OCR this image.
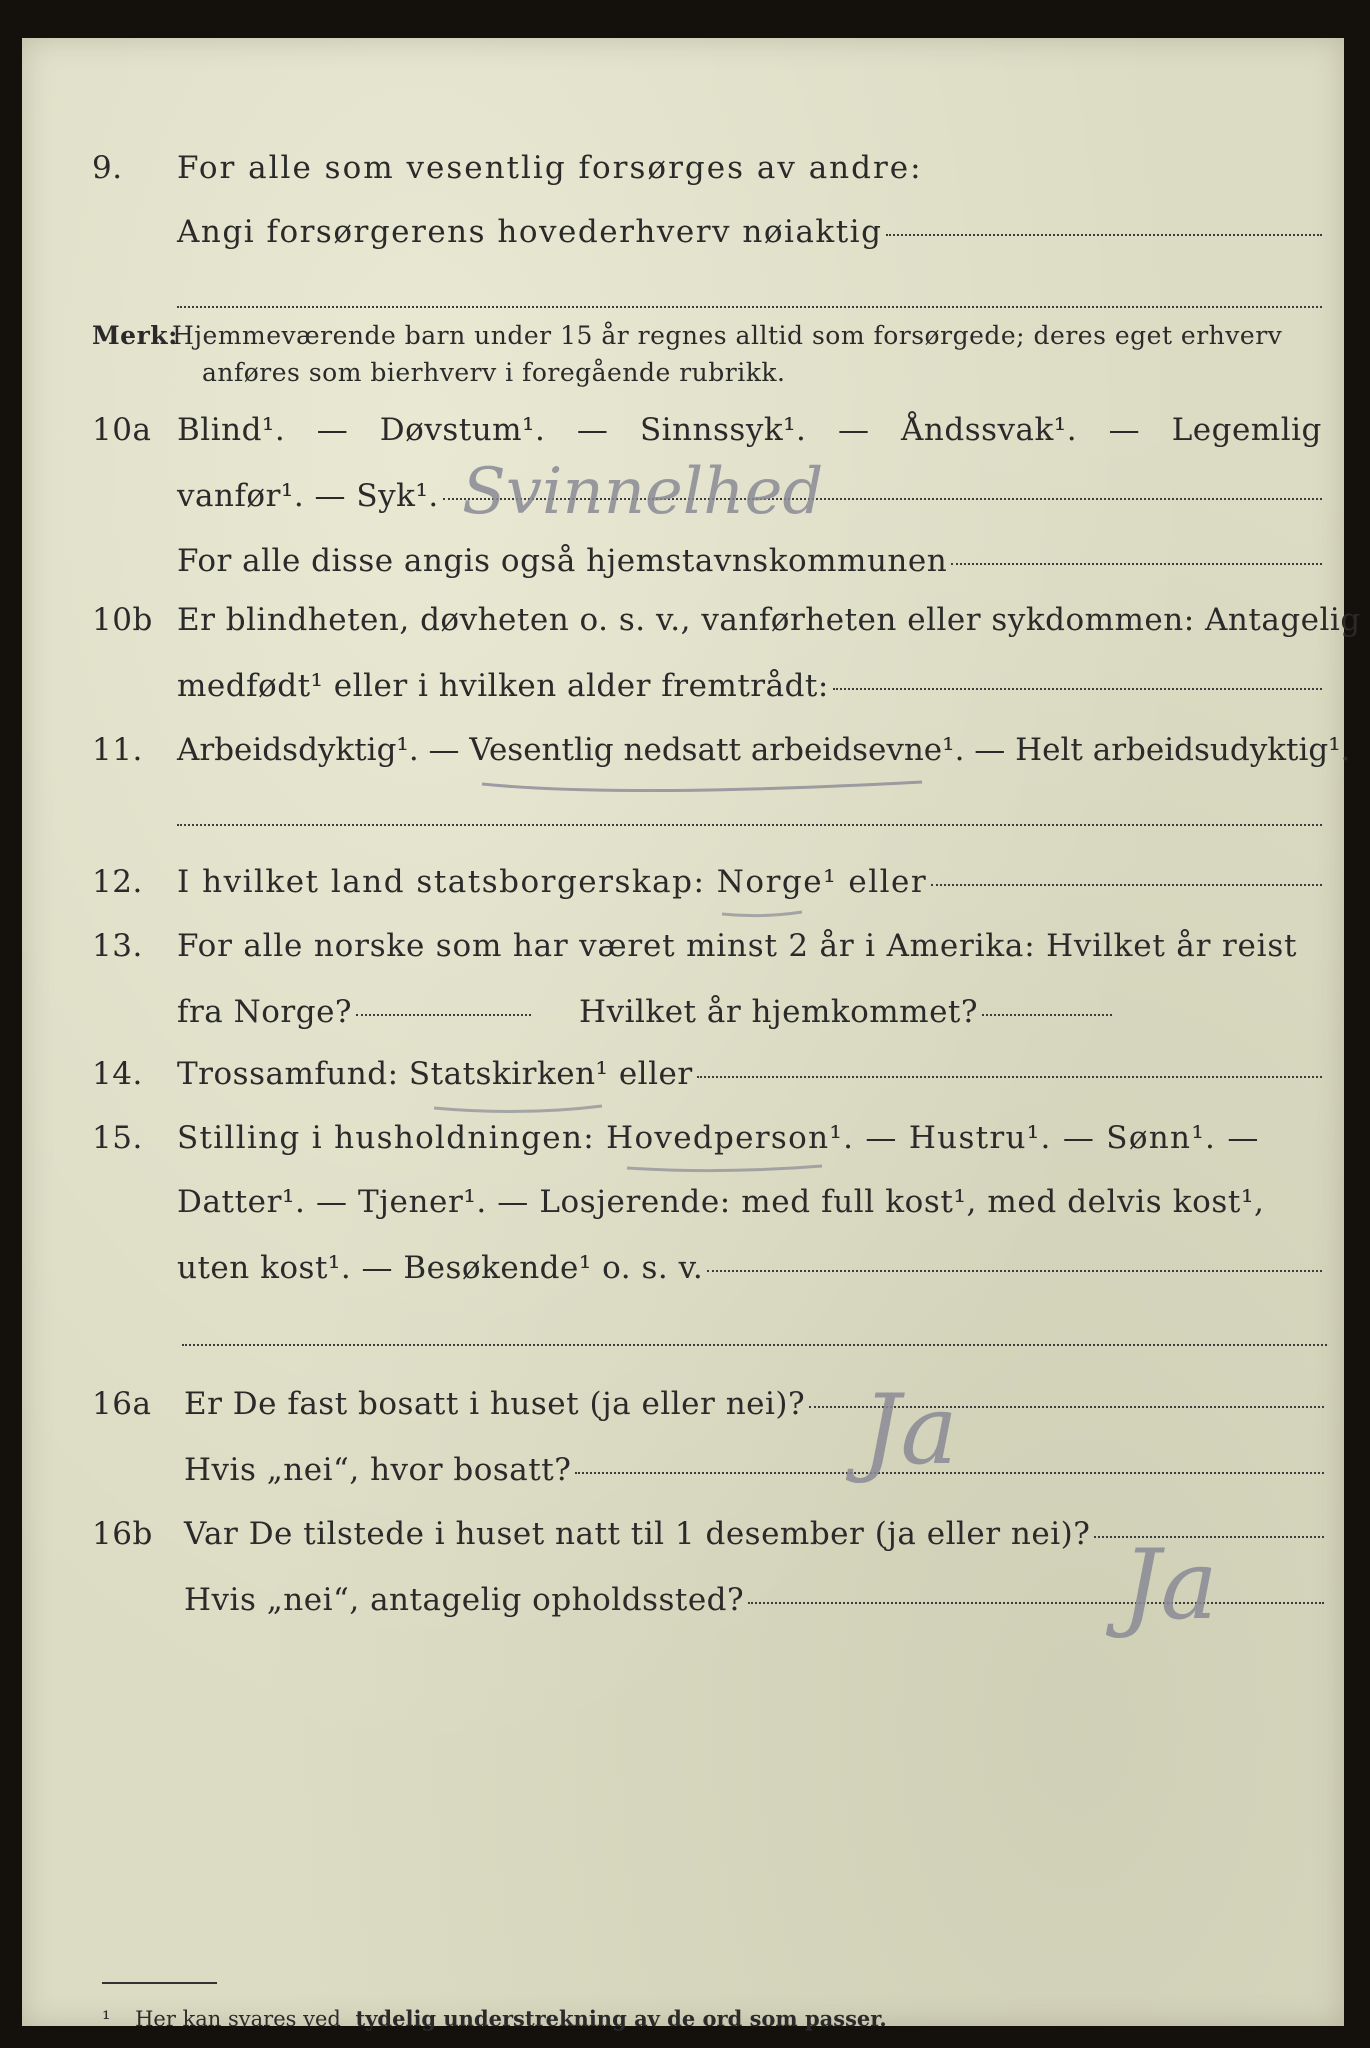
9. For alle som vesentlig forsørges av andre:
Angi forsørgerens hovederhverv nøiaktig
Merk:
Hjemmeværende barn under 15 år regnes alltid som forsørgede; deres eget erhverv
anføres som bierhverv i foregående rubrikk.
10a Blind¹. — Døvstum¹. — Sinnssyk¹. — Åndssvak¹. — Legemlig
vanfør¹. — Syk¹.
For alle disse angis også hjemstavnskommunen
10b Er blindheten, døvheten o. s. v., vanførheten eller sykdommen: Antagelig
medfødt¹ eller i hvilken alder fremtrådt:
11. Arbeidsdyktig¹. — Vesentlig nedsatt arbeidsevne¹. — Helt arbeidsudyktig¹.
12. I hvilket land statsborgerskap: Norge¹ eller
13. For alle norske som har været minst 2 år i Amerika: Hvilket år reist
fra Norge?	Hvilket år hjemkommet?
14. Trossamfund: Statskirken¹ eller
15. Stilling i husholdningen: Hovedperson¹. — Hustru¹. — Sønn¹. —
Datter¹. — Tjener¹. — Losjerende: med full kost¹, med delvis kost¹,
uten kost¹. — Besøkende¹ o. s. v.
16a Er De fast bosatt i huset (ja eller nei)?
Hvis „nei“, hvor bosatt?
16b Var De tilstede i huset natt til 1 desember (ja eller nei)?
Hvis „nei“, antagelig opholdssted?
Svinnelhed
Ja
Ja
¹ Her kan svares ved tydelig understrekning av de ord som passer.
